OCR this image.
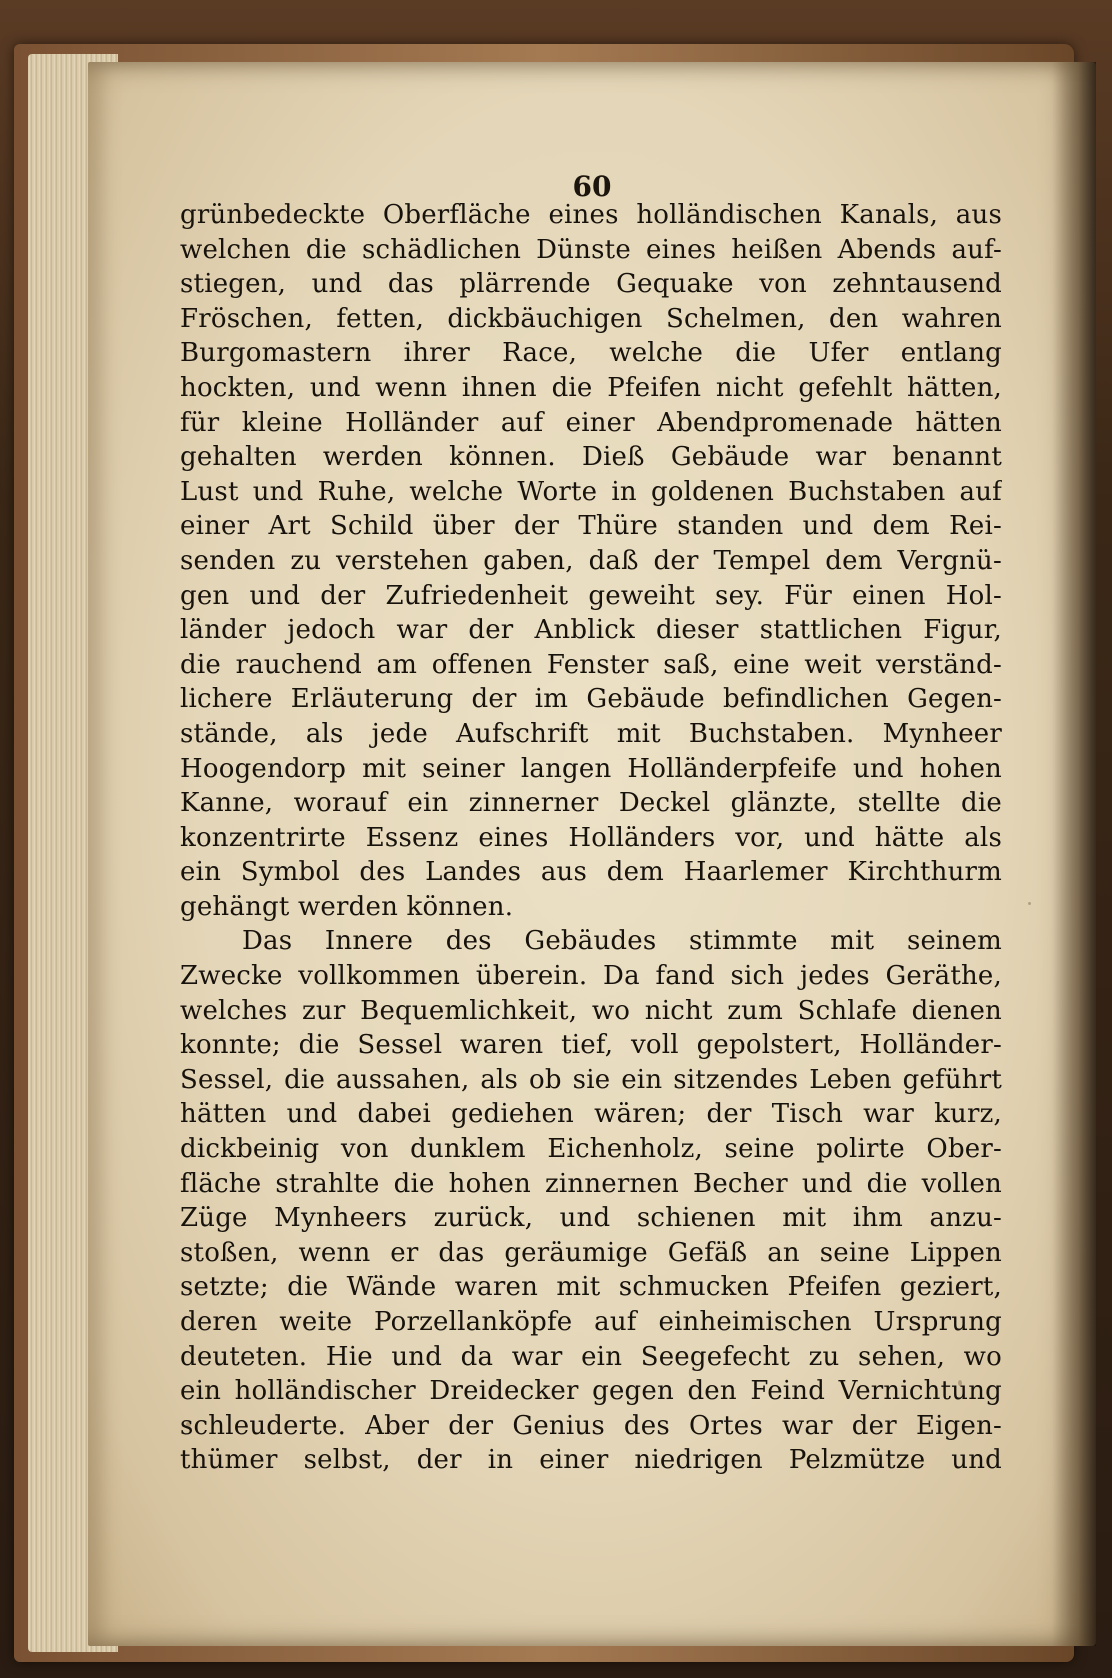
60
grünbedeckte Oberfläche eines holländischen Kanals, aus
welchen die schädlichen Dünste eines heißen Abends auf-
stiegen, und das plärrende Gequake von zehntausend
Fröschen, fetten, dickbäuchigen Schelmen, den wahren
Burgomastern ihrer Race, welche die Ufer entlang
hockten, und wenn ihnen die Pfeifen nicht gefehlt hätten,
für kleine Holländer auf einer Abendpromenade hätten
gehalten werden können. Dieß Gebäude war benannt
Lust und Ruhe, welche Worte in goldenen Buchstaben auf
einer Art Schild über der Thüre standen und dem Rei-
senden zu verstehen gaben, daß der Tempel dem Vergnü-
gen und der Zufriedenheit geweiht sey. Für einen Hol-
länder jedoch war der Anblick dieser stattlichen Figur,
die rauchend am offenen Fenster saß, eine weit verständ-
lichere Erläuterung der im Gebäude befindlichen Gegen-
stände, als jede Aufschrift mit Buchstaben. Mynheer
Hoogendorp mit seiner langen Holländerpfeife und hohen
Kanne, worauf ein zinnerner Deckel glänzte, stellte die
konzentrirte Essenz eines Holländers vor, und hätte als
ein Symbol des Landes aus dem Haarlemer Kirchthurm
gehängt werden können.
Das Innere des Gebäudes stimmte mit seinem
Zwecke vollkommen überein. Da fand sich jedes Geräthe,
welches zur Bequemlichkeit, wo nicht zum Schlafe dienen
konnte; die Sessel waren tief, voll gepolstert, Holländer-
Sessel, die aussahen, als ob sie ein sitzendes Leben geführt
hätten und dabei gediehen wären; der Tisch war kurz,
dickbeinig von dunklem Eichenholz, seine polirte Ober-
fläche strahlte die hohen zinnernen Becher und die vollen
Züge Mynheers zurück, und schienen mit ihm anzu-
stoßen, wenn er das geräumige Gefäß an seine Lippen
setzte; die Wände waren mit schmucken Pfeifen geziert,
deren weite Porzellanköpfe auf einheimischen Ursprung
deuteten. Hie und da war ein Seegefecht zu sehen, wo
ein holländischer Dreidecker gegen den Feind Vernichtung
schleuderte. Aber der Genius des Ortes war der Eigen-
thümer selbst, der in einer niedrigen Pelzmütze und
